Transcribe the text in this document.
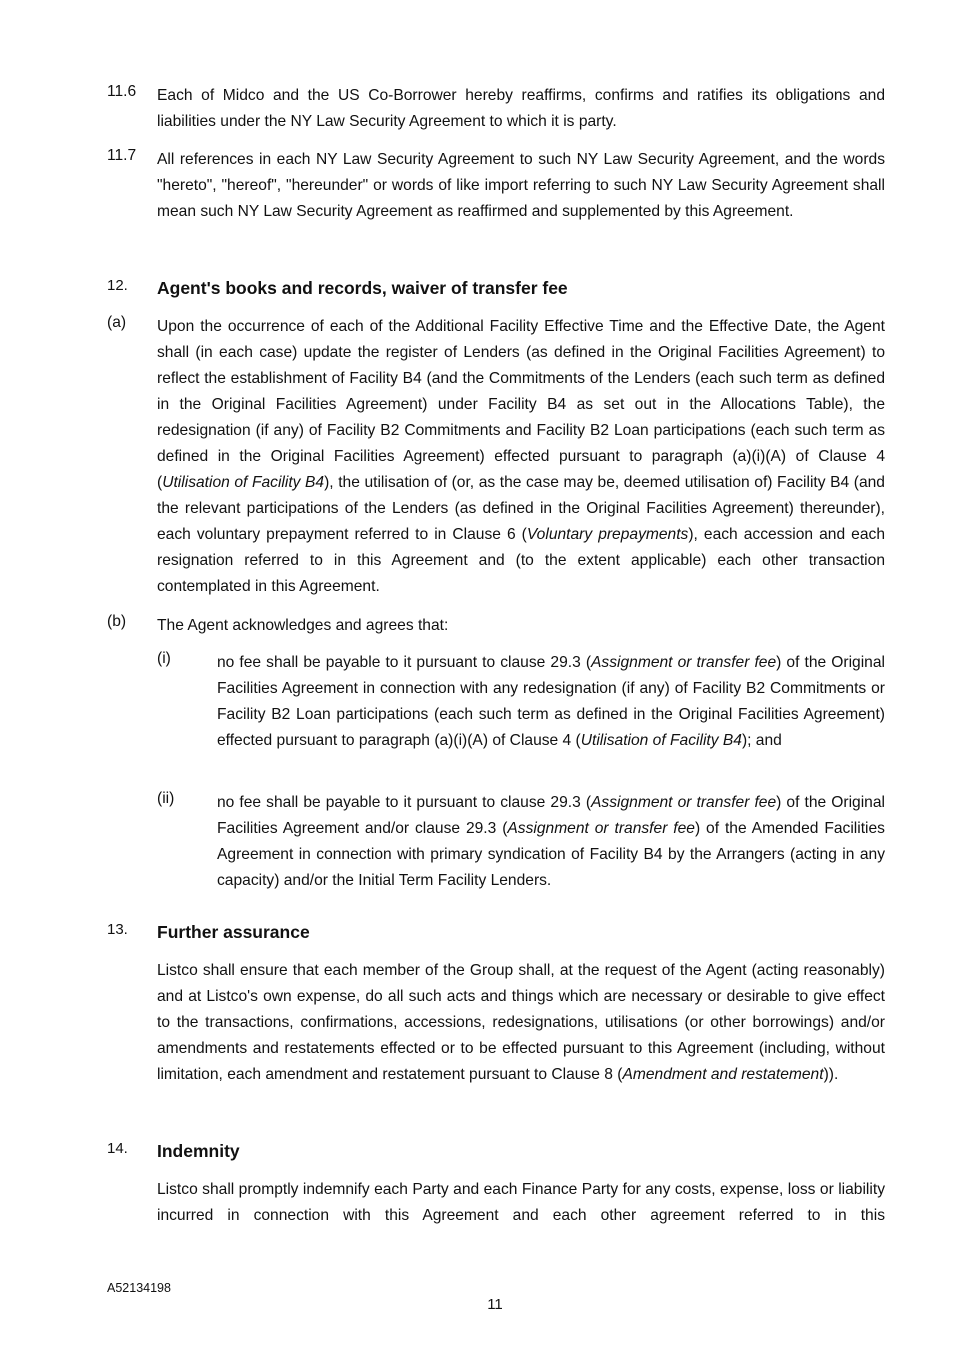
11.6 Each of Midco and the US Co-Borrower hereby reaffirms, confirms and ratifies its obligations and liabilities under the NY Law Security Agreement to which it is party.
11.7 All references in each NY Law Security Agreement to such NY Law Security Agreement, and the words "hereto", "hereof", "hereunder" or words of like import referring to such NY Law Security Agreement shall mean such NY Law Security Agreement as reaffirmed and supplemented by this Agreement.
12. Agent's books and records, waiver of transfer fee
(a) Upon the occurrence of each of the Additional Facility Effective Time and the Effective Date, the Agent shall (in each case) update the register of Lenders (as defined in the Original Facilities Agreement) to reflect the establishment of Facility B4 (and the Commitments of the Lenders (each such term as defined in the Original Facilities Agreement) under Facility B4 as set out in the Allocations Table), the redesignation (if any) of Facility B2 Commitments and Facility B2 Loan participations (each such term as defined in the Original Facilities Agreement) effected pursuant to paragraph (a)(i)(A) of Clause 4 (Utilisation of Facility B4), the utilisation of (or, as the case may be, deemed utilisation of) Facility B4 (and the relevant participations of the Lenders (as defined in the Original Facilities Agreement) thereunder), each voluntary prepayment referred to in Clause 6 (Voluntary prepayments), each accession and each resignation referred to in this Agreement and (to the extent applicable) each other transaction contemplated in this Agreement.
(b) The Agent acknowledges and agrees that:
(i)	no fee shall be payable to it pursuant to clause 29.3 (Assignment or transfer fee) of the Original Facilities Agreement in connection with any redesignation (if any) of Facility B2 Commitments or Facility B2 Loan participations (each such term as defined in the Original Facilities Agreement) effected pursuant to paragraph (a)(i)(A) of Clause 4 (Utilisation of Facility B4); and
(ii)	no fee shall be payable to it pursuant to clause 29.3 (Assignment or transfer fee) of the Original Facilities Agreement and/or clause 29.3 (Assignment or transfer fee) of the Amended Facilities Agreement in connection with primary syndication of Facility B4 by the Arrangers (acting in any capacity) and/or the Initial Term Facility Lenders.
13. Further assurance
Listco shall ensure that each member of the Group shall, at the request of the Agent (acting reasonably) and at Listco's own expense, do all such acts and things which are necessary or desirable to give effect to the transactions, confirmations, accessions, redesignations, utilisations (or other borrowings) and/or amendments and restatements effected or to be effected pursuant to this Agreement (including, without limitation, each amendment and restatement pursuant to Clause 8 (Amendment and restatement)).
14. Indemnity
Listco shall promptly indemnify each Party and each Finance Party for any costs, expense, loss or liability incurred in connection with this Agreement and each other agreement referred to in this
A52134198
11
